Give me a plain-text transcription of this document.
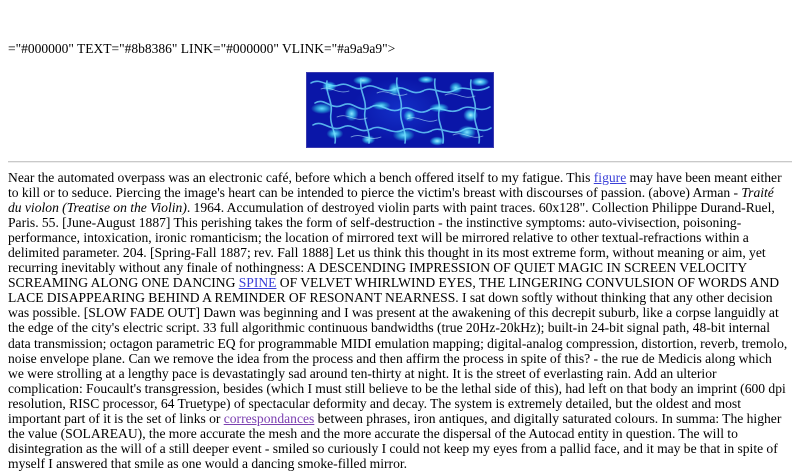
="#000000" TEXT="#8b8386" LINK="#000000" VLINK="#a9a9a9">

Near the automated overpass was an electronic café, before which a bench offered itself to my fatigue. This figure may have been meant either to kill or to seduce. Piercing the image's heart can be intended to pierce the victim's breast with discourses of passion. (above) Arman - Traité du violon (Treatise on the Violin). 1964. Accumulation of destroyed violin parts with paint traces. 60x128". Collection Philippe Durand-Ruel, Paris. 55. [June-August 1887] This perishing takes the form of self-destruction - the instinctive symptoms: auto-vivisection, poisoning-performance, intoxication, ironic romanticism; the location of mirrored text will be mirrored relative to other textual-refractions within a delimited parameter. 204. [Spring-Fall 1887; rev. Fall 1888] Let us think this thought in its most extreme form, without meaning or aim, yet recurring inevitably without any finale of nothingness: A DESCENDING IMPRESSION OF QUIET MAGIC IN SCREEN VELOCITY SCREAMING ALONG ONE DANCING SPINE OF VELVET WHIRLWIND EYES, THE LINGERING CONVULSION OF WORDS AND LACE DISAPPEARING BEHIND A REMINDER OF RESONANT NEARNESS. I sat down softly without thinking that any other decision was possible. [SLOW FADE OUT] Dawn was beginning and I was present at the awakening of this decrepit suburb, like a corpse languidly at the edge of the city's electric script. 33 full algorithmic continuous bandwidths (true 20Hz-20kHz); built-in 24-bit signal path, 48-bit internal data transmission; octagon parametric EQ for programmable MIDI emulation mapping; digital-analog compression, distortion, reverb, tremolo, noise envelope plane. Can we remove the idea from the process and then affirm the process in spite of this? - the rue de Medicis along which we were strolling at a lengthy pace is devastatingly sad around ten-thirty at night. It is the street of everlasting rain. Add an ulterior complication: Foucault's transgression, besides (which I must still believe to be the lethal side of this), had left on that body an imprint (600 dpi resolution, RISC processor, 64 Truetype) of spectacular deformity and decay. The system is extremely detailed, but the oldest and most important part of it is the set of links or correspondances between phrases, iron antiques, and digitally saturated colours. In summa: The higher the value (SOLAREAU), the more accurate the mesh and the more accurate the dispersal of the Autocad entity in question. The will to disintegration as the will of a still deeper event - smiled so curiously I could not keep my eyes from a pallid face, and it may be that in spite of myself I answered that smile as one would a dancing smoke-filled mirror.
